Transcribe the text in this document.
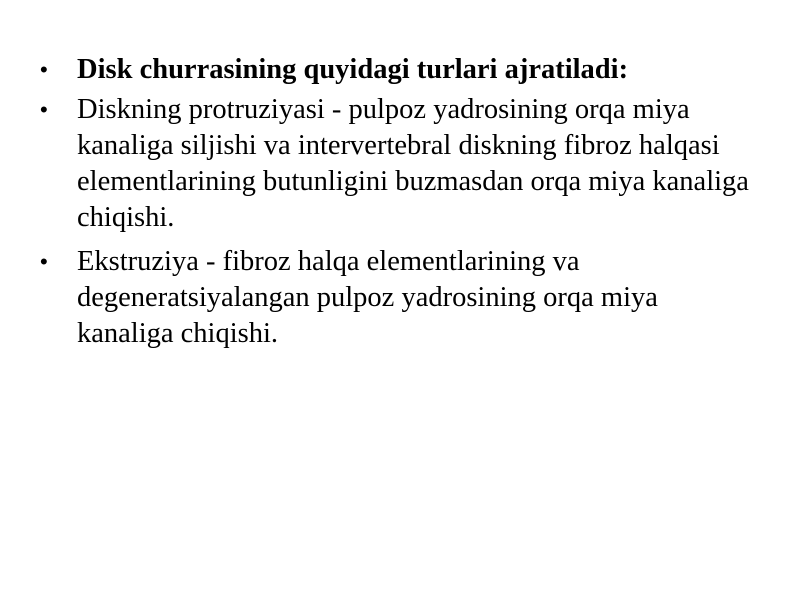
• Disk churrasining quyidagi turlari ajratiladi:
• Diskning protruziyasi - pulpoz yadrosining orqa miya kanaliga siljishi va intervertebral diskning fibroz halqasi elementlarining butunligini buzmasdan orqa miya kanaliga chiqishi.
• Ekstruziya - fibroz halqa elementlarining va degeneratsiyalangan pulpoz yadrosining orqa miya kanaliga chiqishi.
